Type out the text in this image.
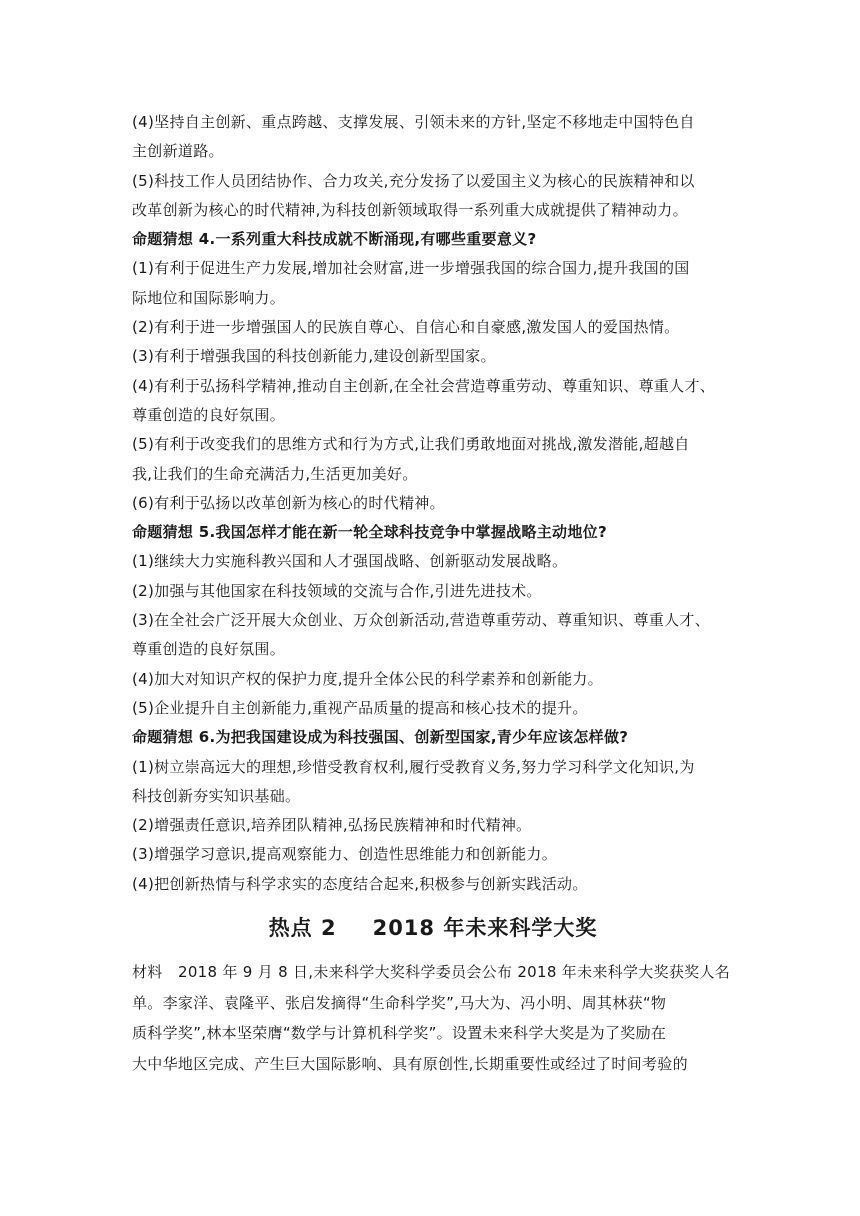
(4)坚持自主创新、重点跨越、支撑发展、引领未来的方针,坚定不移地走中国特色自
主创新道路。
(5)科技工作人员团结协作、合力攻关,充分发扬了以爱国主义为核心的民族精神和以
改革创新为核心的时代精神,为科技创新领域取得一系列重大成就提供了精神动力。
命题猜想 4.一系列重大科技成就不断涌现,有哪些重要意义?
(1)有利于促进生产力发展,增加社会财富,进一步增强我国的综合国力,提升我国的国
际地位和国际影响力。
(2)有利于进一步增强国人的民族自尊心、自信心和自豪感,激发国人的爱国热情。
(3)有利于增强我国的科技创新能力,建设创新型国家。
(4)有利于弘扬科学精神,推动自主创新,在全社会营造尊重劳动、尊重知识、尊重人才、
尊重创造的良好氛围。
(5)有利于改变我们的思维方式和行为方式,让我们勇敢地面对挑战,激发潜能,超越自
我,让我们的生命充满活力,生活更加美好。
(6)有利于弘扬以改革创新为核心的时代精神。
命题猜想 5.我国怎样才能在新一轮全球科技竞争中掌握战略主动地位?
(1)继续大力实施科教兴国和人才强国战略、创新驱动发展战略。
(2)加强与其他国家在科技领域的交流与合作,引进先进技术。
(3)在全社会广泛开展大众创业、万众创新活动,营造尊重劳动、尊重知识、尊重人才、
尊重创造的良好氛围。
(4)加大对知识产权的保护力度,提升全体公民的科学素养和创新能力。
(5)企业提升自主创新能力,重视产品质量的提高和核心技术的提升。
命题猜想 6.为把我国建设成为科技强国、创新型国家,青少年应该怎样做?
(1)树立崇高远大的理想,珍惜受教育权利,履行受教育义务,努力学习科学文化知识,为
科技创新夯实知识基础。
(2)增强责任意识,培养团队精神,弘扬民族精神和时代精神。
(3)增强学习意识,提高观察能力、创造性思维能力和创新能力。
(4)把创新热情与科学求实的态度结合起来,积极参与创新实践活动。
热点 2 2018 年未来科学大奖
材料 2018 年 9 月 8 日,未来科学大奖科学委员会公布 2018 年未来科学大奖获奖人名
单。李家洋、袁隆平、张启发摘得“生命科学奖”,马大为、冯小明、周其林获“物
质科学奖”,林本坚荣膺“数学与计算机科学奖”。设置未来科学大奖是为了奖励在
大中华地区完成、产生巨大国际影响、具有原创性,长期重要性或经过了时间考验的
